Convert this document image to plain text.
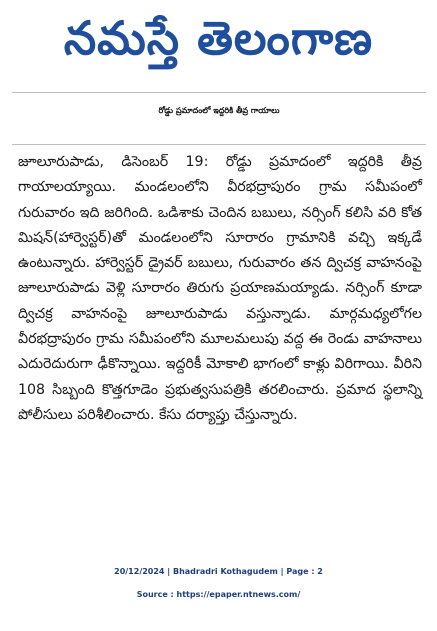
నమస్తే తెలంగాణ
రోడ్డు ప్రమాదంలో ఇద్దరికి తీవ్ర గాయాలు

జూలూరుపాడు, డిసెంబర్ 19: రోడ్డు ప్రమాదంలో ఇద్దరికి తీవ్ర గాయాలయ్యాయి. మండలంలోని వీరభద్రాపురం గ్రామ సమీపంలో గురువారం ఇది జరిగింది. ఒడిశాకు చెందిన బబులు, నర్సింగ్ కలిసి వరి కోత మిషన్(హార్వెస్టర్)తో మండలంలోని సూరారం గ్రామానికి వచ్చి ఇక్కడే ఉంటున్నారు. హార్వెస్టర్ డ్రైవర్ బబులు, గురువారం తన ద్విచక్ర వాహనంపై జూలూరుపాడు వెళ్లి సూరారం తిరుగు ప్రయాణమయ్యాడు. నర్సింగ్ కూడా ద్విచక్ర వాహనంపై జూలూరుపాడు వస్తున్నాడు. మార్గమధ్యలోగల వీరభద్రాపురం గ్రామ సమీపంలోని మూలమలుపు వద్ద ఈ రెండు వాహనాలు ఎదురెదురుగా ఢీకొన్నాయి. ఇద్దరికీ మోకాలి భాగంలో కాళ్లు విరిగాయి. వీరిని 108 సిబ్బంది కొత్తగూడెం ప్రభుత్వసుపత్రికి తరలించారు. ప్రమాద స్థలాన్ని పోలీసులు పరిశీలించారు. కేసు దర్యాప్తు చేస్తున్నారు.

20/12/2024 | Bhadradri Kothagudem | Page : 2
Source : https://epaper.ntnews.com/
